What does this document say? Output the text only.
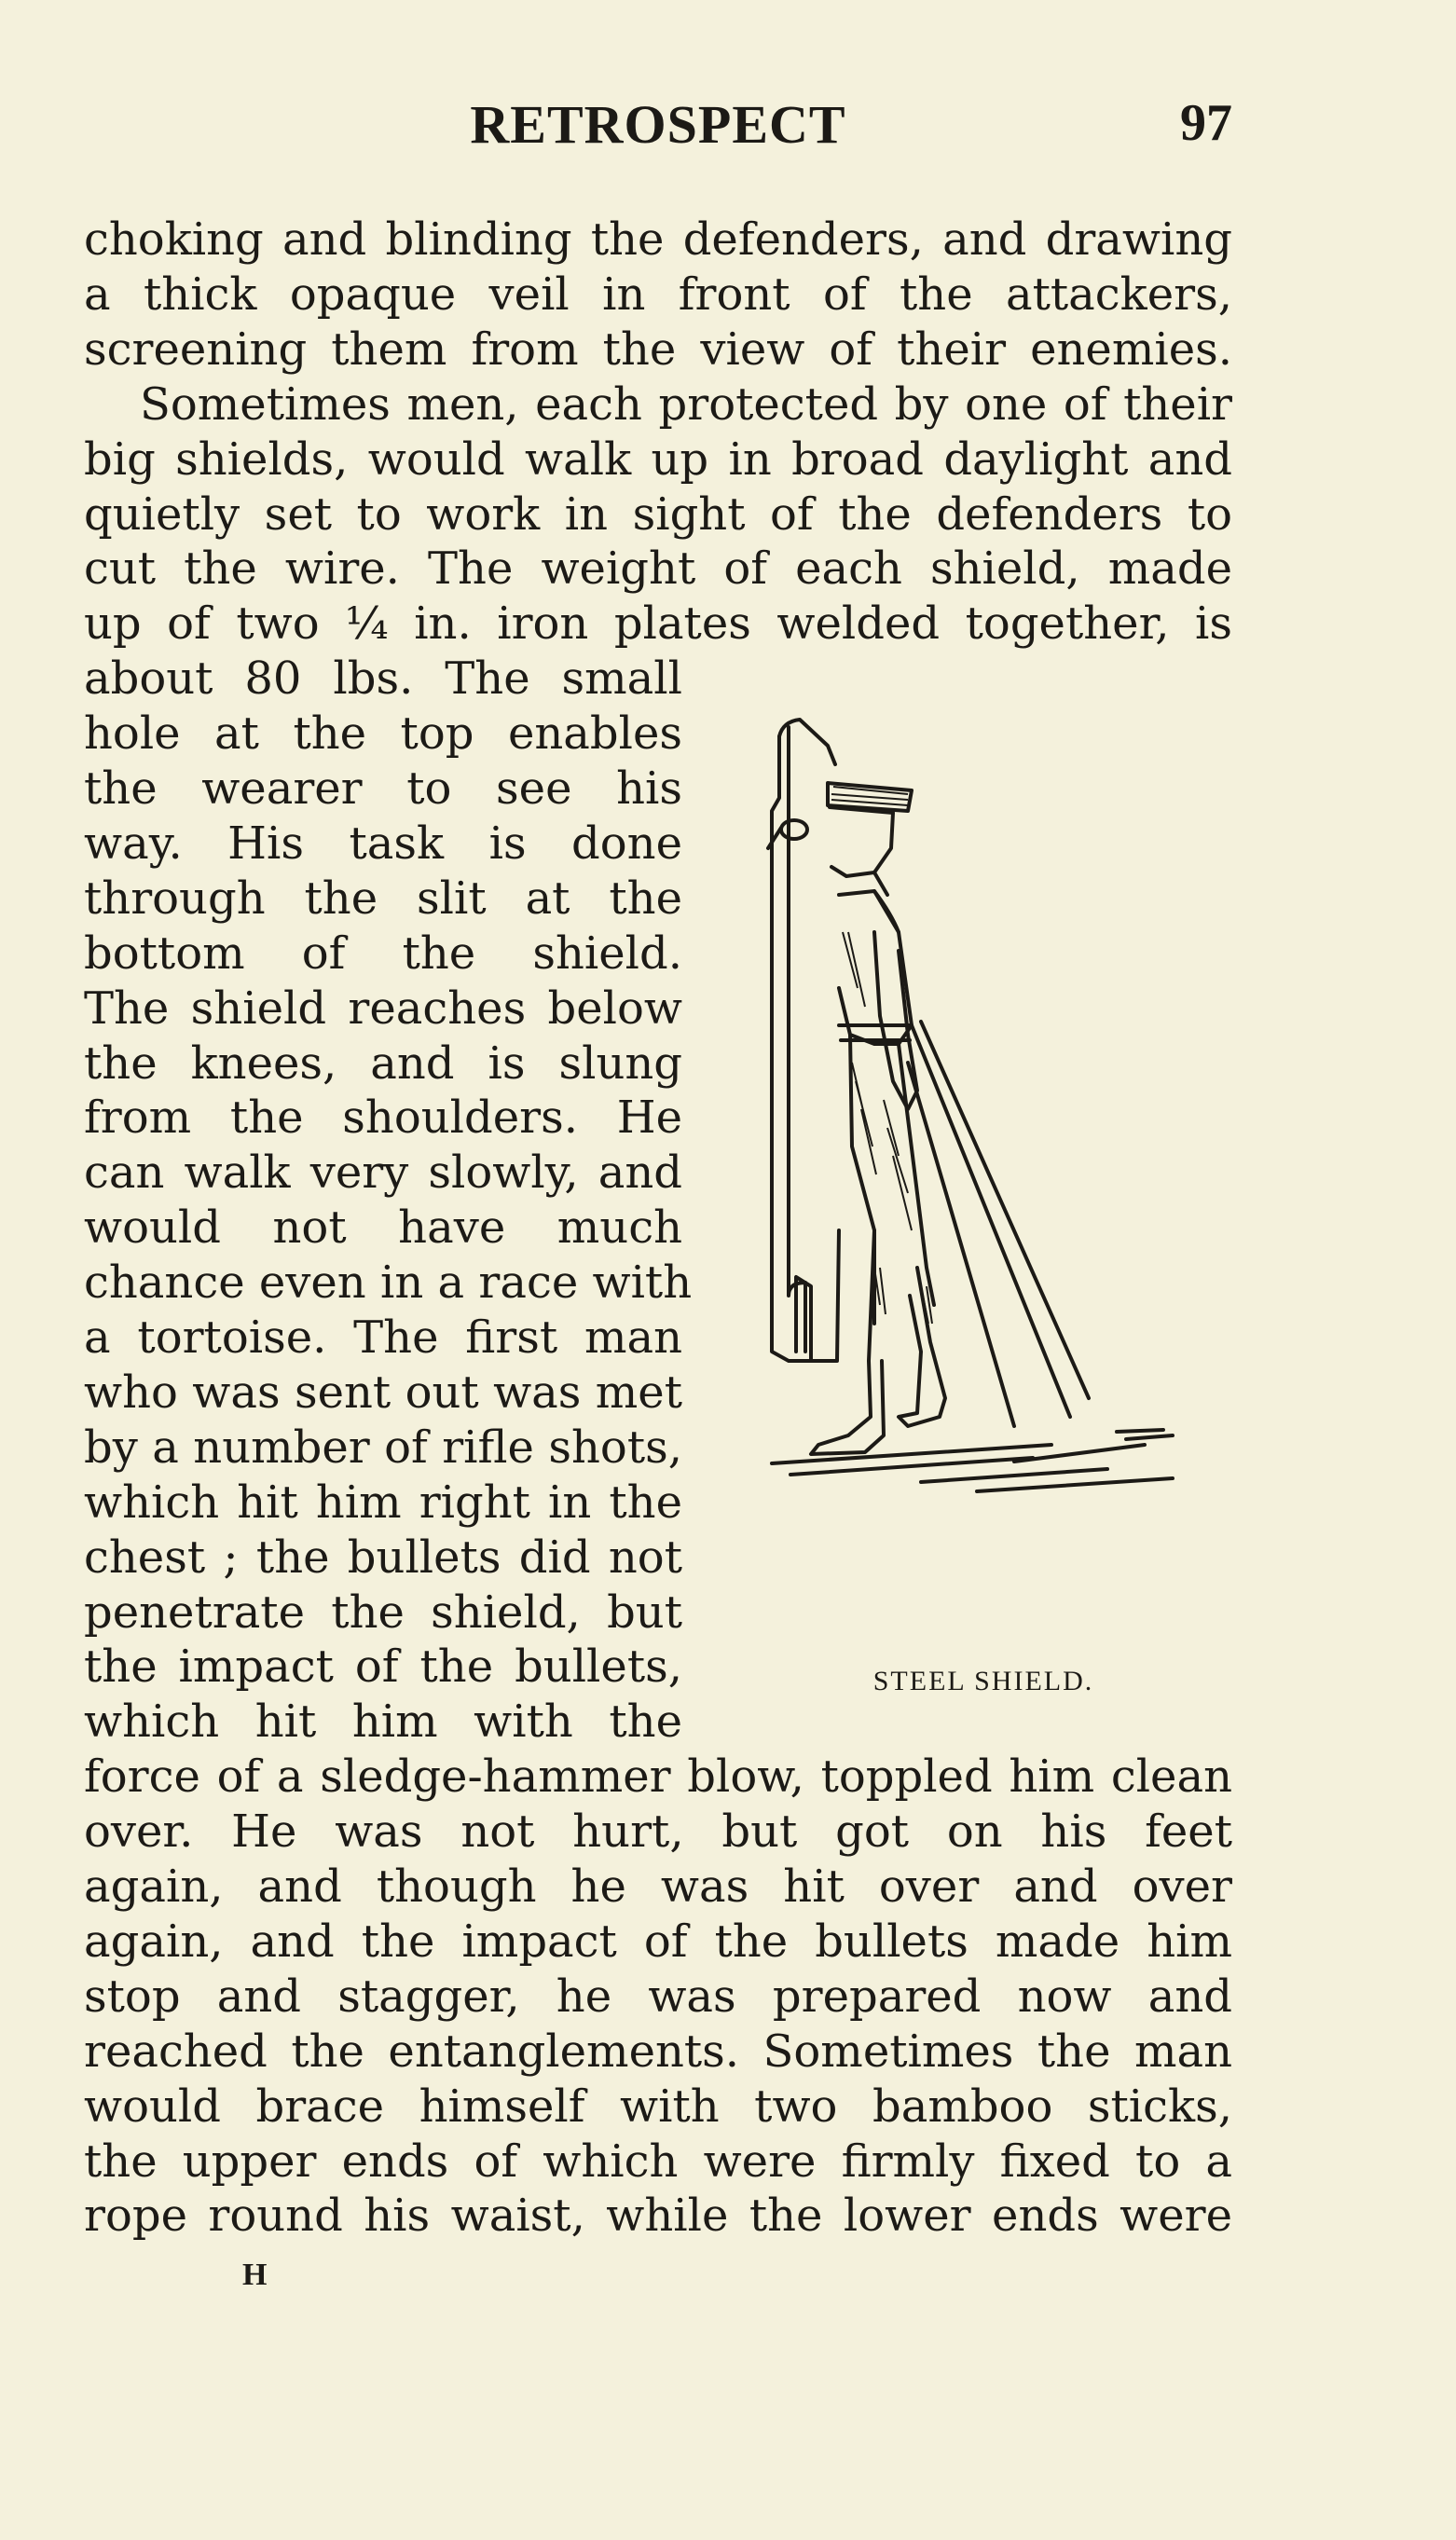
RETROSPECT	97
choking and blinding the defenders, and drawing
a thick opaque veil in front of the attackers,
screening them from the view of their enemies.
Sometimes men, each protected by one of their
big shields, would walk up in broad daylight and
quietly set to work in sight of the defenders to
cut the wire. The weight of each shield, made
up of two ¼ in. iron plates welded together, is
about 80 lbs. The small
hole at the top enables
the wearer to see his
way. His task is done
through the slit at the
bottom of the shield.
The shield reaches below
the knees, and is slung
from the shoulders. He
can walk very slowly, and
would not have much
chance even in a race with
a tortoise. The first man
who was sent out was met
by a number of rifle shots,
which hit him right in the
chest ; the bullets did not
penetrate the shield, but
the impact of the bullets,
which hit him with the
force of a sledge-hammer blow, toppled him clean
over. He was not hurt, but got on his feet
again, and though he was hit over and over
again, and the impact of the bullets made him
stop and stagger, he was prepared now and
reached the entanglements. Sometimes the man
would brace himself with two bamboo sticks,
the upper ends of which were firmly fixed to a
rope round his waist, while the lower ends were
STEEL SHIELD.
H
